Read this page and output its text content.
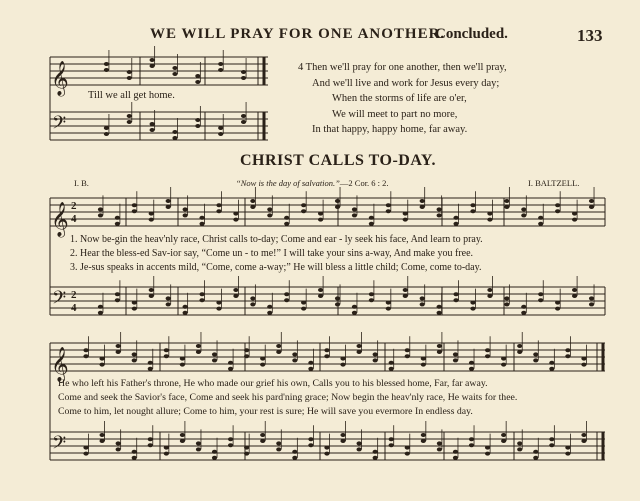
WE WILL PRAY FOR ONE ANOTHER.
Concluded.	133
Till we all get home.
4 Then we'll pray for one another, then we'll pray,
And we'll live and work for Jesus every day;
When the storms of life are o'er,
We will meet to part no more,
In that happy, happy home, far away.
CHRIST CALLS TO-DAY.
I. B.	“Now is the day of salvation.”—2 Cor. 6 : 2.	I. BALTZELL.
1. Now be-gin the heav'nly race, Christ calls to-day; Come and ear - ly seek his face, And learn to pray.
2. Hear the bless-ed Sav-ior say, “Come un - to me!” I will take your sins a-way, And make you free.
3. Je-sus speaks in accents mild, “Come, come a-way;” He will bless a little child; Come, come to-day.
He who left his Father's throne, He who made our grief his own, Calls you to his blessed home, Far, far away.
Come and seek the Savior's face, Come and seek his pard'ning grace; Now begin the heav'nly race, He waits for thee.
Come to him, let nought allure; Come to him, your rest is sure; He will save you evermore In endless day.
𝄞
𝄢
𝄞
𝄢
2
4
2
4
𝄞
𝄢
